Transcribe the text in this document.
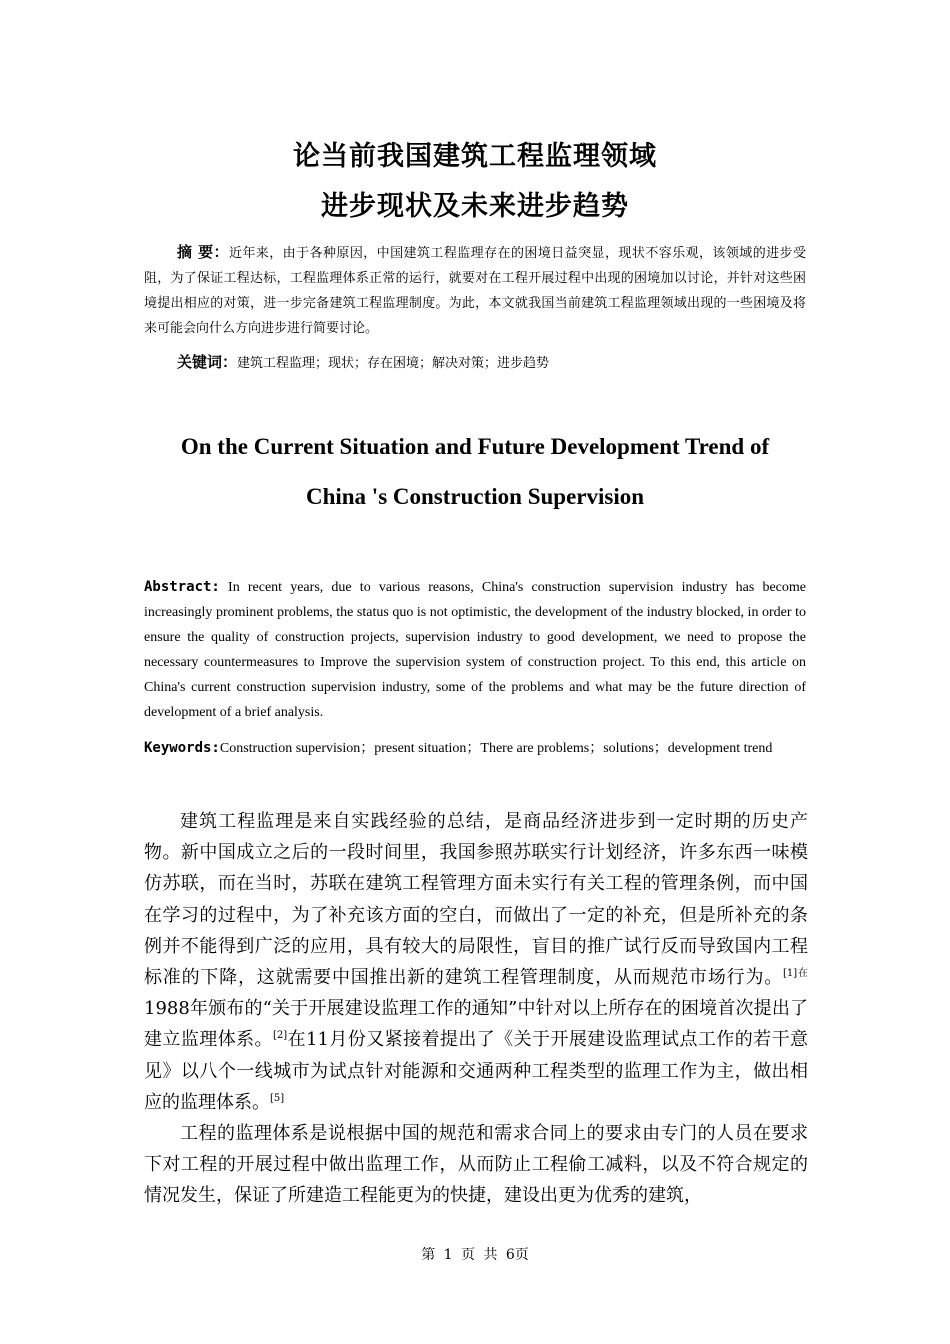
论当前我国建筑工程监理领域
进步现状及未来进步趋势
摘 要：近年来，由于各种原因，中国建筑工程监理存在的困境日益突显，现状不容乐观，该领域的进步受阻，为了保证工程达标，工程监理体系正常的运行，就要对在工程开展过程中出现的困境加以讨论，并针对这些困境提出相应的对策，进一步完备建筑工程监理制度。为此，本文就我国当前建筑工程监理领域出现的一些困境及将来可能会向什么方向进步进行简要讨论。
关键词：建筑工程监理；现状；存在困境；解决对策；进步趋势
On the Current Situation and Future Development Trend of
China 's Construction Supervision
Abstract: In recent years, due to various reasons, China's construction supervision industry has become increasingly prominent problems, the status quo is not optimistic, the development of the industry blocked, in order to ensure the quality of construction projects, supervision industry to good development, we need to propose the necessary countermeasures to Improve the supervision system of construction project. To this end, this article on China's current construction supervision industry, some of the problems and what may be the future direction of development of a brief analysis.
Keywords:Construction supervision；present situation；There are problems；solutions；development trend

建筑工程监理是来自实践经验的总结，是商品经济进步到一定时期的历史产物。新中国成立之后的一段时间里，我国参照苏联实行计划经济，许多东西一味模仿苏联，而在当时，苏联在建筑工程管理方面未实行有关工程的管理条例，而中国在学习的过程中，为了补充该方面的空白，而做出了一定的补充，但是所补充的条例并不能得到广泛的应用，具有较大的局限性，盲目的推广试行反而导致国内工程标准的下降，这就需要中国推出新的建筑工程管理制度，从而规范市场行为。$^{[1]在}$1988年颁布的“关于开展建设监理工作的通知”中针对以上所存在的困境首次提出了建立监理体系。[2]在11月份又紧接着提出了《关于开展建设监理试点工作的若干意见》以八个一线城市为试点针对能源和交通两种工程类型的监理工作为主，做出相应的监理体系。[5]

工程的监理体系是说根据中国的规范和需求合同上的要求由专门的人员在要求下对工程的开展过程中做出监理工作，从而防止工程偷工减料，以及不符合规定的情况发生，保证了所建造工程能更为的快捷，建设出更为优秀的建筑，

第 1 页 共 6页
